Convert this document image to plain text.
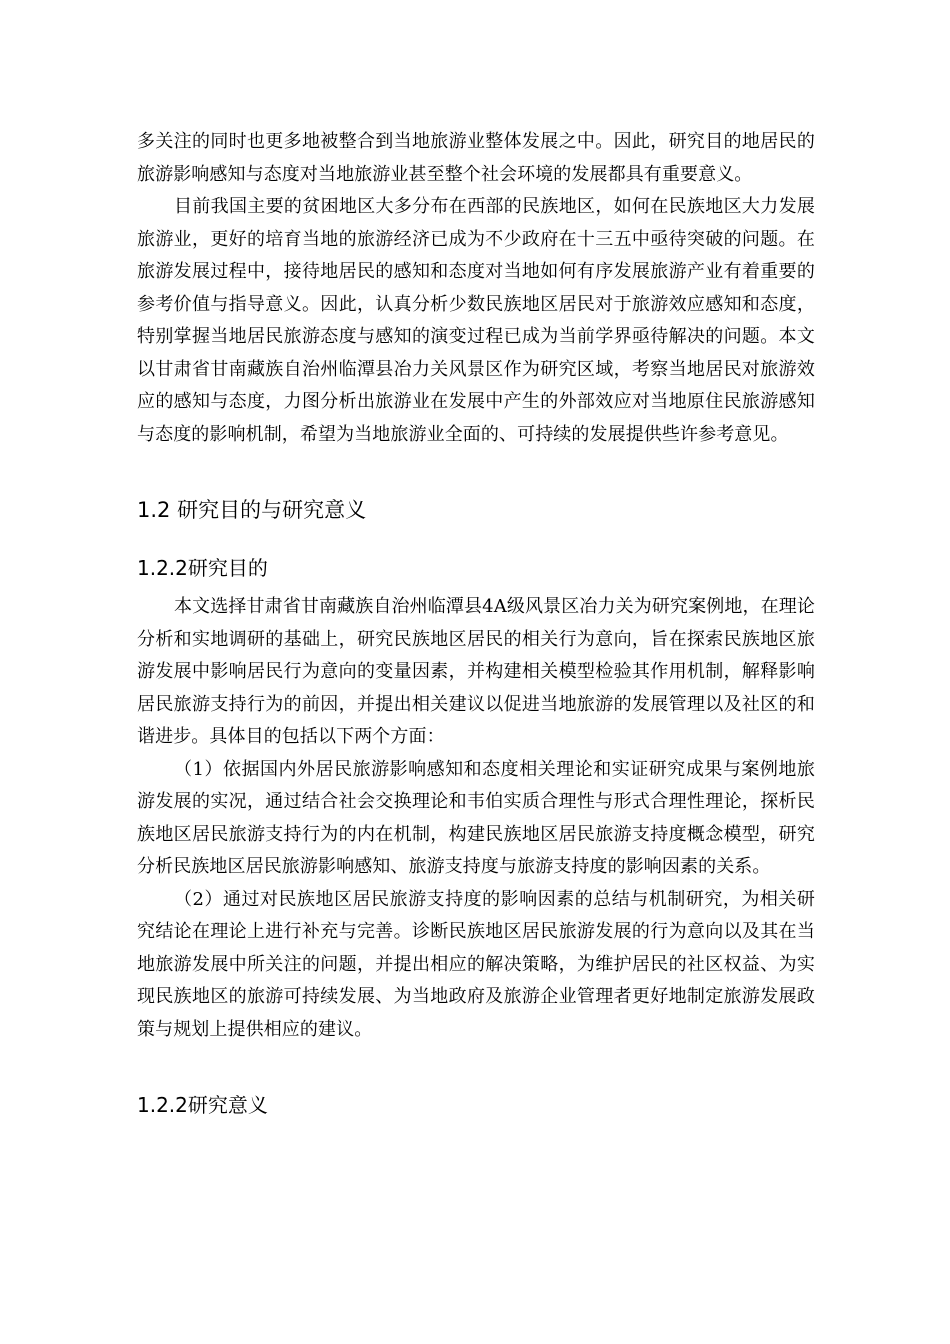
多关注的同时也更多地被整合到当地旅游业整体发展之中。因此，研究目的地居民的旅游影响感知与态度对当地旅游业甚至整个社会环境的发展都具有重要意义。

目前我国主要的贫困地区大多分布在西部的民族地区，如何在民族地区大力发展旅游业，更好的培育当地的旅游经济已成为不少政府在十三五中亟待突破的问题。在旅游发展过程中，接待地居民的感知和态度对当地如何有序发展旅游产业有着重要的参考价值与指导意义。因此，认真分析少数民族地区居民对于旅游效应感知和态度，特别掌握当地居民旅游态度与感知的演变过程已成为当前学界亟待解决的问题。本文以甘肃省甘南藏族自治州临潭县冶力关风景区作为研究区域，考察当地居民对旅游效应的感知与态度，力图分析出旅游业在发展中产生的外部效应对当地原住民旅游感知与态度的影响机制，希望为当地旅游业全面的、可持续的发展提供些许参考意见。

1.2 研究目的与研究意义
1.2.2研究目的

本文选择甘肃省甘南藏族自治州临潭县4A级风景区冶力关为研究案例地，在理论分析和实地调研的基础上，研究民族地区居民的相关行为意向，旨在探索民族地区旅游发展中影响居民行为意向的变量因素，并构建相关模型检验其作用机制，解释影响居民旅游支持行为的前因，并提出相关建议以促进当地旅游的发展管理以及社区的和谐进步。具体目的包括以下两个方面：

（1）依据国内外居民旅游影响感知和态度相关理论和实证研究成果与案例地旅游发展的实况，通过结合社会交换理论和韦伯实质合理性与形式合理性理论，探析民族地区居民旅游支持行为的内在机制，构建民族地区居民旅游支持度概念模型，研究分析民族地区居民旅游影响感知、旅游支持度与旅游支持度的影响因素的关系。

（2）通过对民族地区居民旅游支持度的影响因素的总结与机制研究，为相关研究结论在理论上进行补充与完善。诊断民族地区居民旅游发展的行为意向以及其在当地旅游发展中所关注的问题，并提出相应的解决策略，为维护居民的社区权益、为实现民族地区的旅游可持续发展、为当地政府及旅游企业管理者更好地制定旅游发展政策与规划上提供相应的建议。

1.2.2研究意义
